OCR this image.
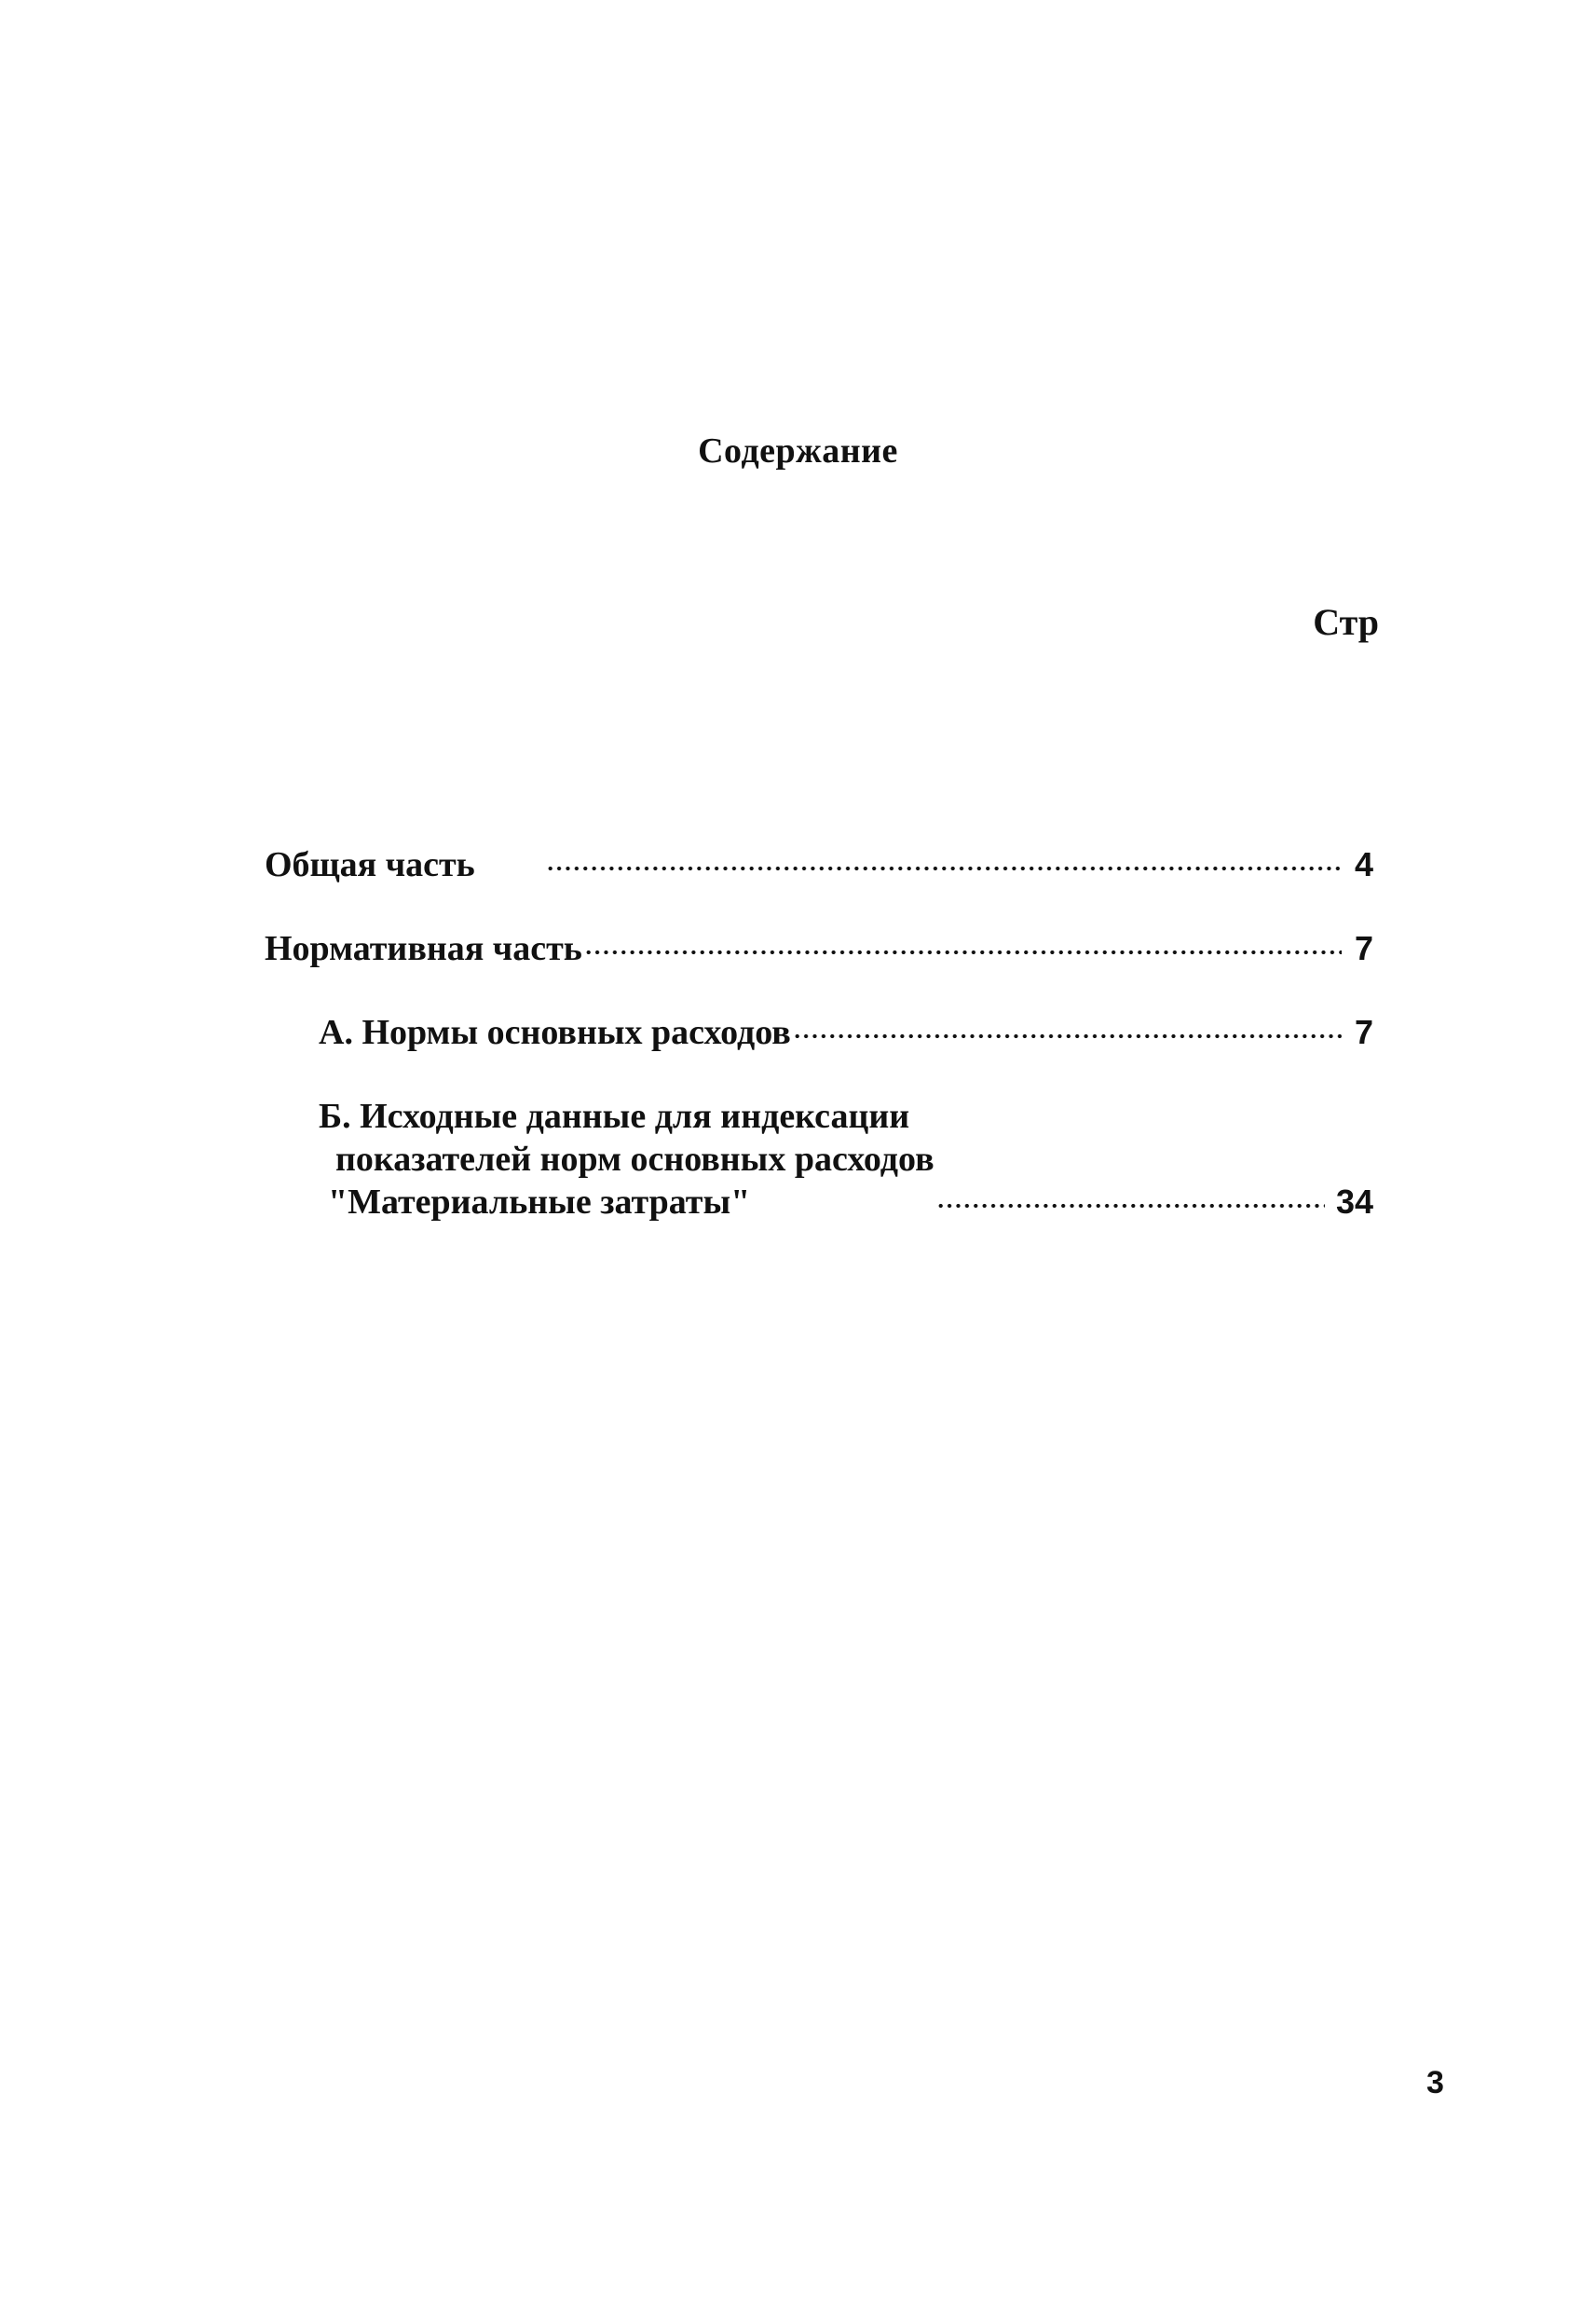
Содержание
Стр
Общая часть	4
Нормативная часть	7
А. Нормы основных расходов	7
Б. Исходные данные для индексации
показателей норм основных расходов
"Материальные затраты"	34
3
